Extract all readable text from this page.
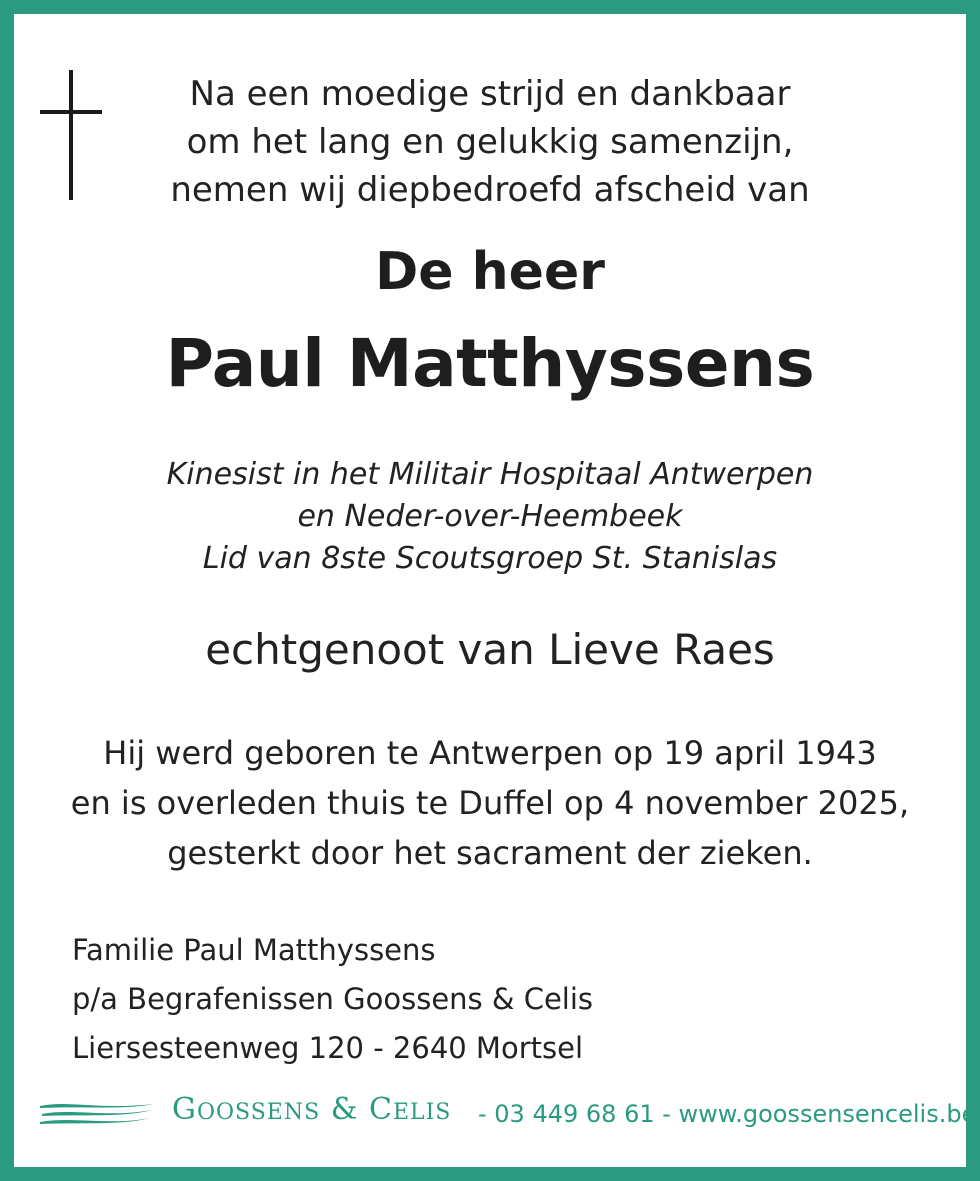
Na een moedige strijd en dankbaar
om het lang en gelukkig samenzijn,
nemen wij diepbedroefd afscheid van
De heer
Paul Matthyssens
Kinesist in het Militair Hospitaal Antwerpen
en Neder-over-Heembeek
Lid van 8ste Scoutsgroep St. Stanislas
echtgenoot van Lieve Raes
Hij werd geboren te Antwerpen op 19 april 1943
en is overleden thuis te Duffel op 4 november 2025,
gesterkt door het sacrament der zieken.
Familie Paul Matthyssens
p/a Begrafenissen Goossens & Celis
Liersesteenweg 120 - 2640 Mortsel
GOOSSENS & CELIS - 03 449 68 61 - www.goossensencelis.be
